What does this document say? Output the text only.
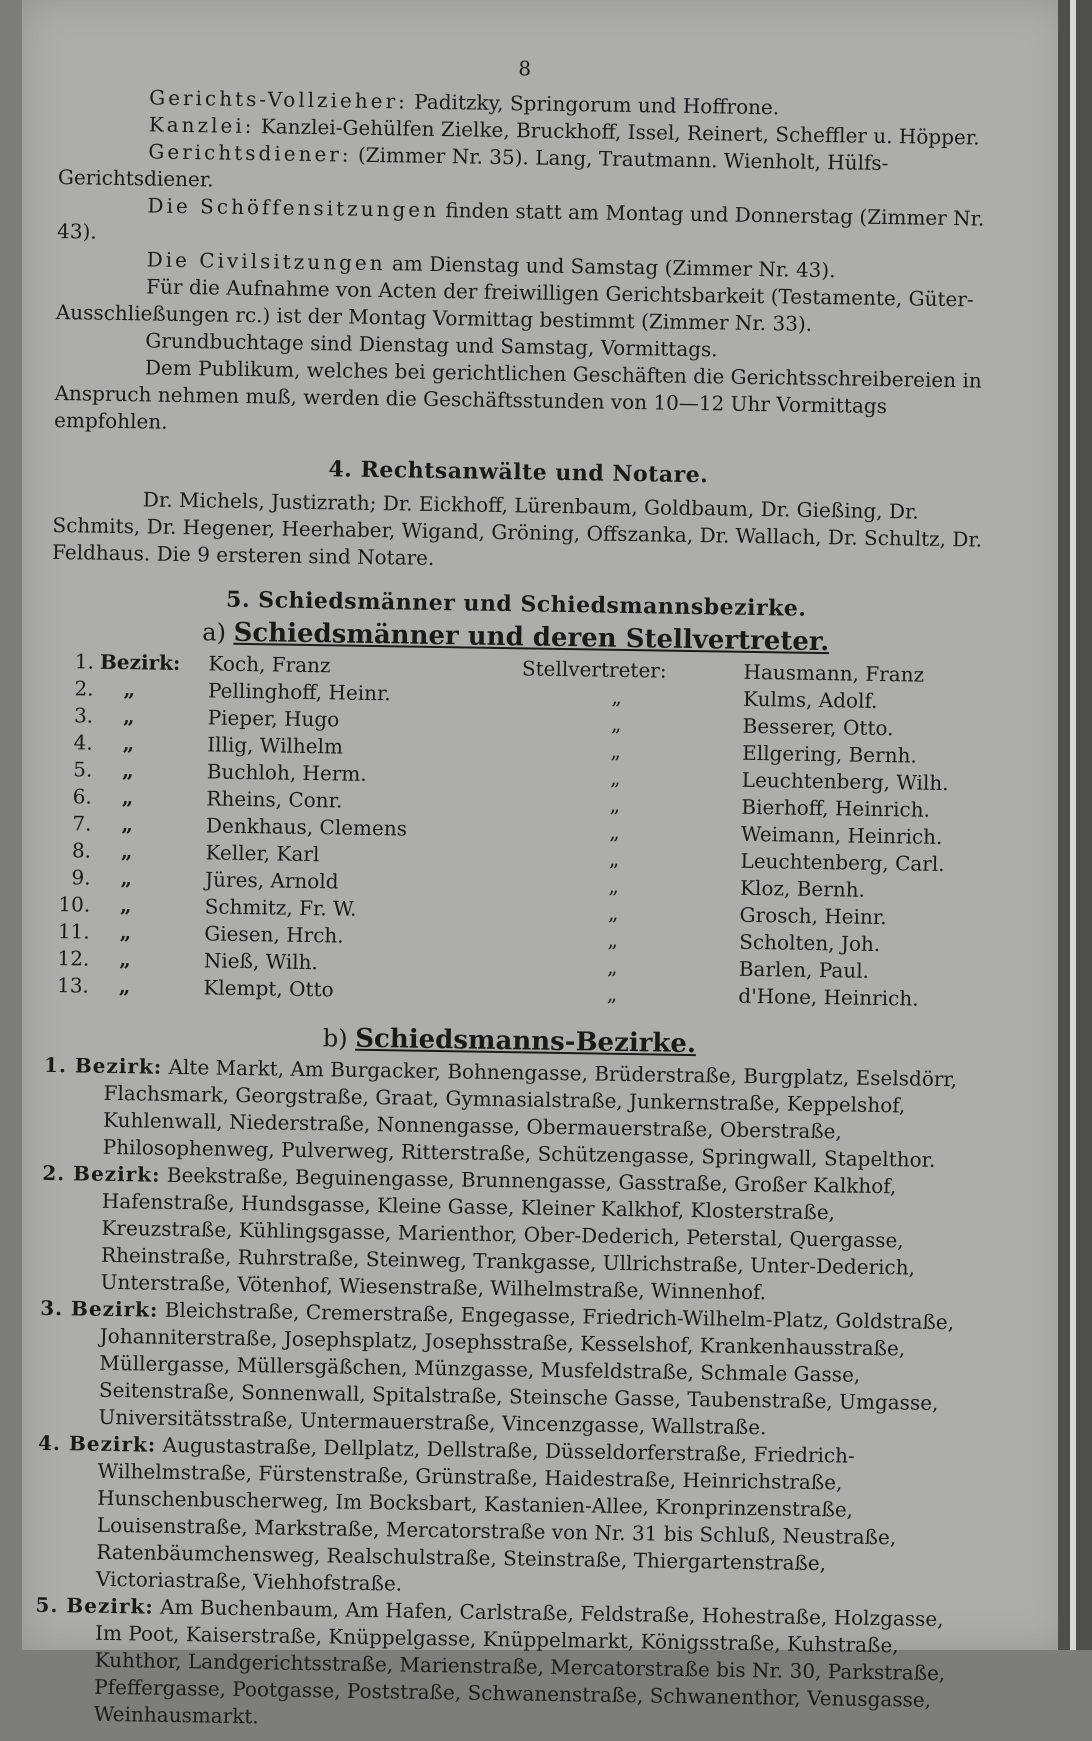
8

Gerichts-Vollzieher: Paditzky, Springorum und Hoffrone.

Kanzlei: Kanzlei-Gehülfen Zielke, Bruckhoff, Issel, Reinert, Scheffler u. Höpper.

Gerichtsdiener: (Zimmer Nr. 35). Lang, Trautmann. Wienholt, Hülfs-Gerichtsdiener.

Die Schöffensitzungen finden statt am Montag und Donnerstag (Zimmer Nr. 43).

Die Civilsitzungen am Dienstag und Samstag (Zimmer Nr. 43).

Für die Aufnahme von Acten der freiwilligen Gerichtsbarkeit (Testamente, Güter-Ausschließungen rc.) ist der Montag Vormittag bestimmt (Zimmer Nr. 33).

Grundbuchtage sind Dienstag und Samstag, Vormittags.

Dem Publikum, welches bei gerichtlichen Geschäften die Gerichtsschreibereien in Anspruch nehmen muß, werden die Geschäftsstunden von 10—12 Uhr Vormittags empfohlen.

4. Rechtsanwälte und Notare.

Dr. Michels, Justizrath; Dr. Eickhoff, Lürenbaum, Goldbaum, Dr. Gießing, Dr. Schmits, Dr. Hegener, Heerhaber, Wigand, Gröning, Offszanka, Dr. Wallach, Dr. Schultz, Dr. Feldhaus. Die 9 ersteren sind Notare.

5. Schiedsmänner und Schiedsmannsbezirke.
a) Schiedsmänner und deren Stellvertreter.
1.	Bezirk:	Koch, Franz	Stellvertreter:	Hausmann, Franz
2.	„	Pellinghoff, Heinr.	„	Kulms, Adolf.
3.	„	Pieper, Hugo	„	Besserer, Otto.
4.	„	Illig, Wilhelm	„	Ellgering, Bernh.
5.	„	Buchloh, Herm.	„	Leuchtenberg, Wilh.
6.	„	Rheins, Conr.	„	Bierhoff, Heinrich.
7.	„	Denkhaus, Clemens	„	Weimann, Heinrich.
8.	„	Keller, Karl	„	Leuchtenberg, Carl.
9.	„	Jüres, Arnold	„	Kloz, Bernh.
10.	„	Schmitz, Fr. W.	„	Grosch, Heinr.
11.	„	Giesen, Hrch.	„	Scholten, Joh.
12.	„	Nieß, Wilh.	„	Barlen, Paul.
13.	„	Klempt, Otto	„	d'Hone, Heinrich.
b) Schiedsmanns-Bezirke.

1. Bezirk: Alte Markt, Am Burgacker, Bohnengasse, Brüderstraße, Burgplatz, Eselsdörr, Flachsmark, Georgstraße, Graat, Gymnasialstraße, Junkernstraße, Keppelshof, Kuhlenwall, Niederstraße, Nonnengasse, Obermauerstraße, Oberstraße, Philosophenweg, Pulverweg, Ritterstraße, Schützengasse, Springwall, Stapelthor.

2. Bezirk: Beekstraße, Beguinengasse, Brunnengasse, Gasstraße, Großer Kalkhof, Hafenstraße, Hundsgasse, Kleine Gasse, Kleiner Kalkhof, Klosterstraße, Kreuzstraße, Kühlingsgasse, Marienthor, Ober-Dederich, Peterstal, Quergasse, Rheinstraße, Ruhrstraße, Steinweg, Trankgasse, Ullrichstraße, Unter-Dederich, Unterstraße, Vötenhof, Wiesenstraße, Wilhelmstraße, Winnenhof.

3. Bezirk: Bleichstraße, Cremerstraße, Engegasse, Friedrich-Wilhelm-Platz, Goldstraße, Johanniterstraße, Josephsplatz, Josephsstraße, Kesselshof, Krankenhausstraße, Müllergasse, Müllersgäßchen, Münzgasse, Musfeldstraße, Schmale Gasse, Seitenstraße, Sonnenwall, Spitalstraße, Steinsche Gasse, Taubenstraße, Umgasse, Universitätsstraße, Untermauerstraße, Vincenzgasse, Wallstraße.

4. Bezirk: Augustastraße, Dellplatz, Dellstraße, Düsseldorferstraße, Friedrich-Wilhelmstraße, Fürstenstraße, Grünstraße, Haidestraße, Heinrichstraße, Hunschenbuscherweg, Im Bocksbart, Kastanien-Allee, Kronprinzenstraße, Louisenstraße, Markstraße, Mercatorstraße von Nr. 31 bis Schluß, Neustraße, Ratenbäumchensweg, Realschulstraße, Steinstraße, Thiergartenstraße, Victoriastraße, Viehhofstraße.

5. Bezirk: Am Buchenbaum, Am Hafen, Carlstraße, Feldstraße, Hohestraße, Holzgasse, Im Poot, Kaiserstraße, Knüppelgasse, Knüppelmarkt, Königsstraße, Kuhstraße, Kuhthor, Landgerichtsstraße, Marienstraße, Mercatorstraße bis Nr. 30, Parkstraße, Pfeffergasse, Pootgasse, Poststraße, Schwanenstraße, Schwanenthor, Venusgasse, Weinhausmarkt.
